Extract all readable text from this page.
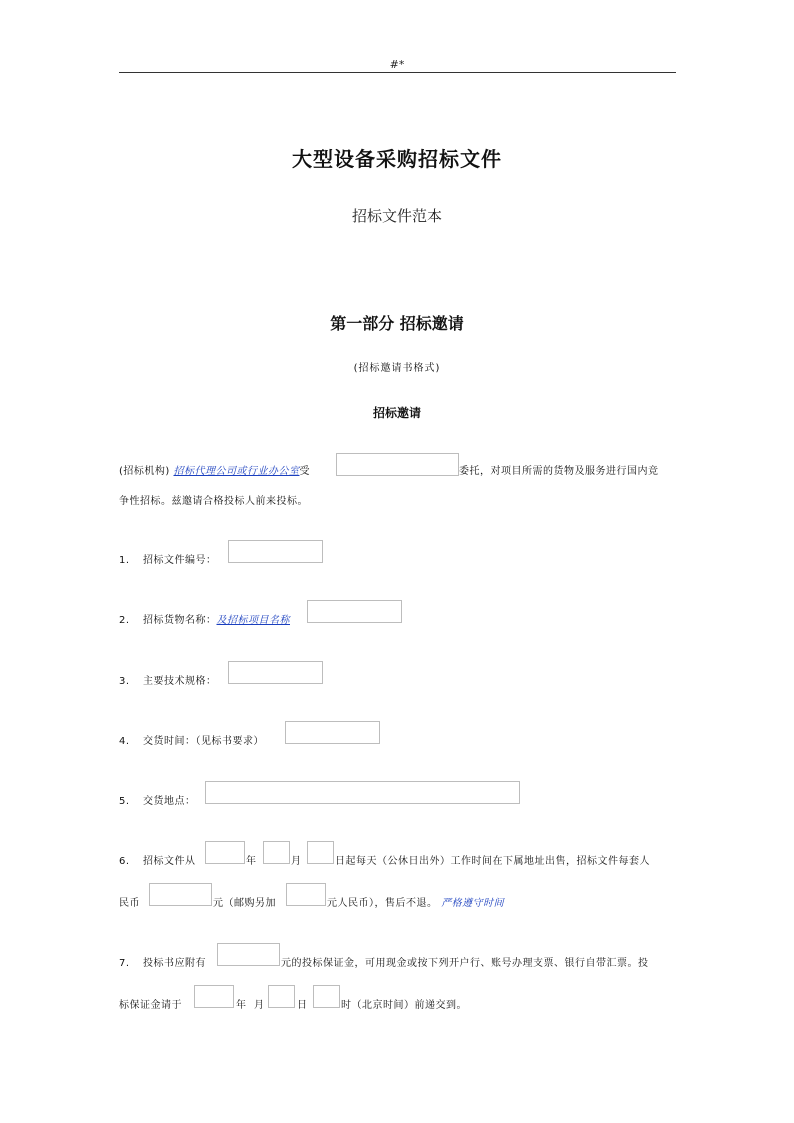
#*
大型设备采购招标文件
招标文件范本
第一部分 招标邀请
(招标邀请书格式)
招标邀请
(招标机构) 招标代理公司或行业办公室受	委托，对项目所需的货物及服务进行国内竞
争性招标。兹邀请合格投标人前来投标。
1. 招标文件编号：
2. 招标货物名称：及招标项目名称
3. 主要技术规格：
4. 交货时间：（见标书要求）
5. 交货地点：
6. 招标文件从	年	月	日起每天（公休日出外）工作时间在下属地址出售，招标文件每套人
民币	元（邮购另加	元人民币），售后不退。 严格遵守时间
7. 投标书应附有	元的投标保证金，可用现金或按下列开户行、账号办理支票、银行自带汇票。投
标保证金请于	年 月	日	时（北京时间）前递交到。
